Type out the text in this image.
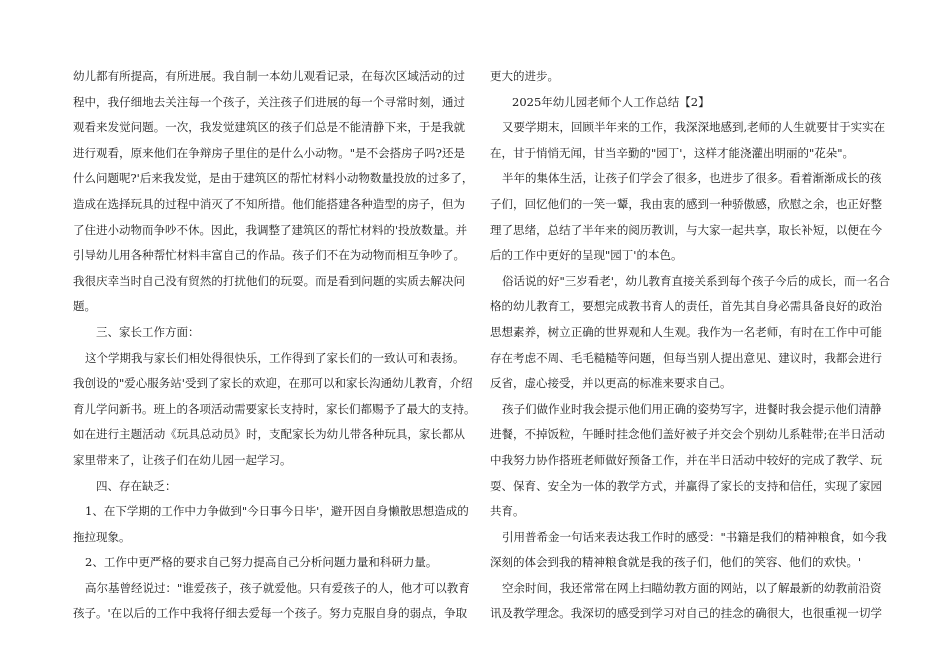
幼儿都有所提高，有所进展。我自制一本幼儿观看记录，在每次区域活动的过
程中，我仔细地去关注每一个孩子，关注孩子们进展的每一个寻常时刻，通过
观看来发觉问题。一次，我发觉建筑区的孩子们总是不能清静下来，于是我就
进行观看，原来他们在争辩房子里住的是什么小动物。"是不会搭房子吗?还是
什么问题呢?'后来我发觉，是由于建筑区的帮忙材料小动物数量投放的过多了，
造成在选择玩具的过程中消灭了不知所措。他们能搭建各种造型的房子，但为
了住进小动物而争吵不休。因此，我调整了建筑区的帮忙材料的'投放数量。并
引导幼儿用各种帮忙材料丰富自己的作品。孩子们不在为动物而相互争吵了。
我很庆幸当时自己没有贸然的打扰他们的玩耍。而是看到问题的实质去解决问
题。
三、家长工作方面：
这个学期我与家长们相处得很快乐，工作得到了家长们的一致认可和表扬。
我创设的"爱心服务站'受到了家长的欢迎，在那可以和家长沟通幼儿教育，介绍
育儿学问新书。班上的各项活动需要家长支持时，家长们都赐予了最大的支持。
如在进行主题活动《玩具总动员》时，支配家长为幼儿带各种玩具，家长都从
家里带来了，让孩子们在幼儿园一起学习。
四、存在缺乏：
1、在下学期的工作中力争做到"今日事今日毕'，避开因自身懒散思想造成的
拖拉现象。
2、工作中更严格的要求自己努力提高自己分析问题力量和科研力量。
高尔基曾经说过："谁爱孩子，孩子就爱他。只有爱孩子的人，他才可以教育
孩子。'在以后的工作中我将仔细去爱每一个孩子。努力克服自身的弱点，争取
更大的进步。
2025年幼儿园老师个人工作总结【2】
又要学期末，回顾半年来的工作，我深深地感到,老师的人生就要甘于实实在
在，甘于悄悄无闻，甘当辛勤的"园丁'，这样才能浇灌出明丽的"花朵"。
半年的集体生活，让孩子们学会了很多，也进步了很多。看着渐渐成长的孩
子们，回忆他们的一笑一颦，我由衷的感到一种骄傲感，欣慰之余，也正好整
理了思绪，总结了半年来的阅历教训，与大家一起共享，取长补短，以便在今
后的工作中更好的呈现"园丁'的本色。
俗话说的好"三岁看老'，幼儿教育直接关系到每个孩子今后的成长，而一名合
格的幼儿教育工，要想完成教书育人的责任，首先其自身必需具备良好的政治
思想素养，树立正确的世界观和人生观。我作为一名老师，有时在工作中可能
存在考虑不周、毛毛糙糙等问题，但每当别人提出意见、建议时，我都会进行
反省，虚心接受，并以更高的标准来要求自己。
孩子们做作业时我会提示他们用正确的姿势写字，进餐时我会提示他们清静
进餐，不掉饭粒，午睡时挂念他们盖好被子并交会个别幼儿系鞋带;在半日活动
中我努力协作搭班老师做好预备工作，并在半日活动中较好的完成了教学、玩
耍、保育、安全为一体的教学方式，并赢得了家长的支持和信任，实现了家园
共育。
引用普希金一句话来表达我工作时的感受："书籍是我们的精神粮食，如今我
深刻的体会到我的精神粮食就是我的孩子们，他们的笑容、他们的欢快。'
空余时间，我还常常在网上扫瞄幼教方面的网站，以了解最新的幼教前沿资
讯及教学理念。我深切的感受到学习对自己的挂念的确很大，也很重视一切学
